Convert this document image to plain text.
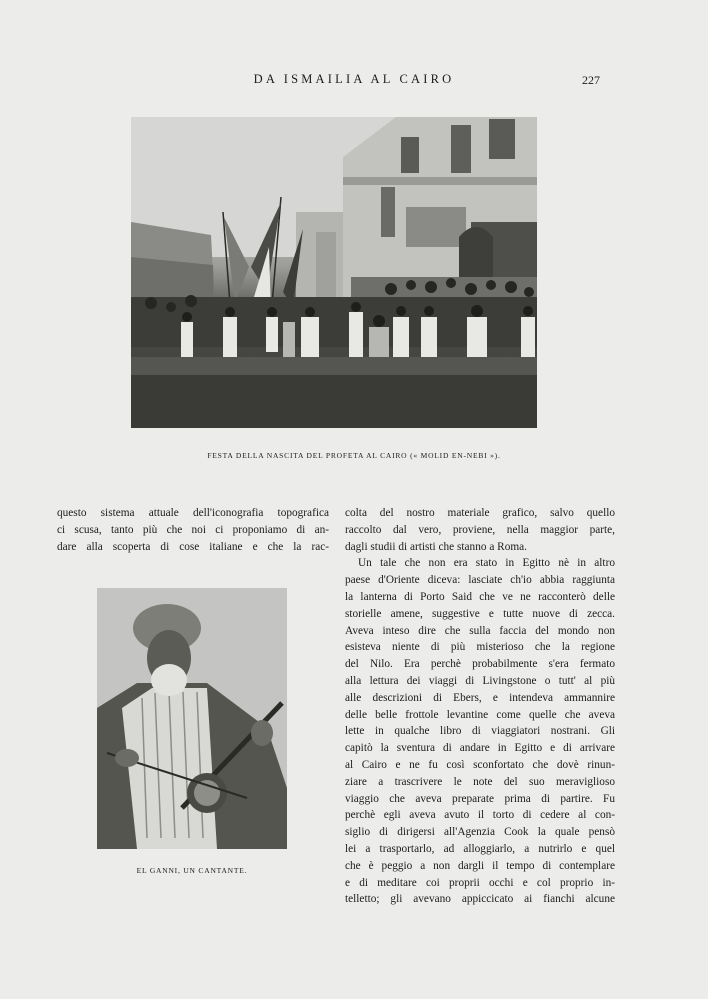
DA ISMAILIA AL CAIRO	227
FESTA DELLA NASCITA DEL PROFETA AL CAIRO (« MOLID EN-NEBI »).
questo sistema attuale dell'iconografia topografica
ci scusa, tanto più che noi ci proponiamo di an-
dare alla scoperta di cose italiane e che la rac-
EL GANNI, UN CANTANTE.
colta del nostro materiale grafico, salvo quello
raccolto dal vero, proviene, nella maggior parte,
dagli studii di artisti che stanno a Roma.
Un tale che non era stato in Egitto nè in altro
paese d'Oriente diceva: lasciate ch'io abbia raggiunta
la lanterna di Porto Said che ve ne racconterò delle
storielle amene, suggestive e tutte nuove di zecca.
Aveva inteso dire che sulla faccia del mondo non
esisteva niente di più misterioso che la regione
del Nilo. Era perchè probabilmente s'era fermato
alla lettura dei viaggi di Livingstone o tutt' al più
alle descrizioni di Ebers, e intendeva ammannire
delle belle frottole levantine come quelle che aveva
lette in qualche libro di viaggiatori nostrani. Gli
capitò la sventura di andare in Egitto e di arrivare
al Cairo e ne fu così sconfortato che dovè rinun-
ziare a trascrivere le note del suo meraviglioso
viaggio che aveva preparate prima di partire. Fu
perchè egli aveva avuto il torto di cedere al con-
siglio di dirigersi all'Agenzia Cook la quale pensò
lei a trasportarlo, ad alloggiarlo, a nutrirlo e quel
che è peggio a non dargli il tempo di contemplare
e di meditare coi proprii occhi e col proprio in-
telletto; gli avevano appiccicato ai fianchi alcune
